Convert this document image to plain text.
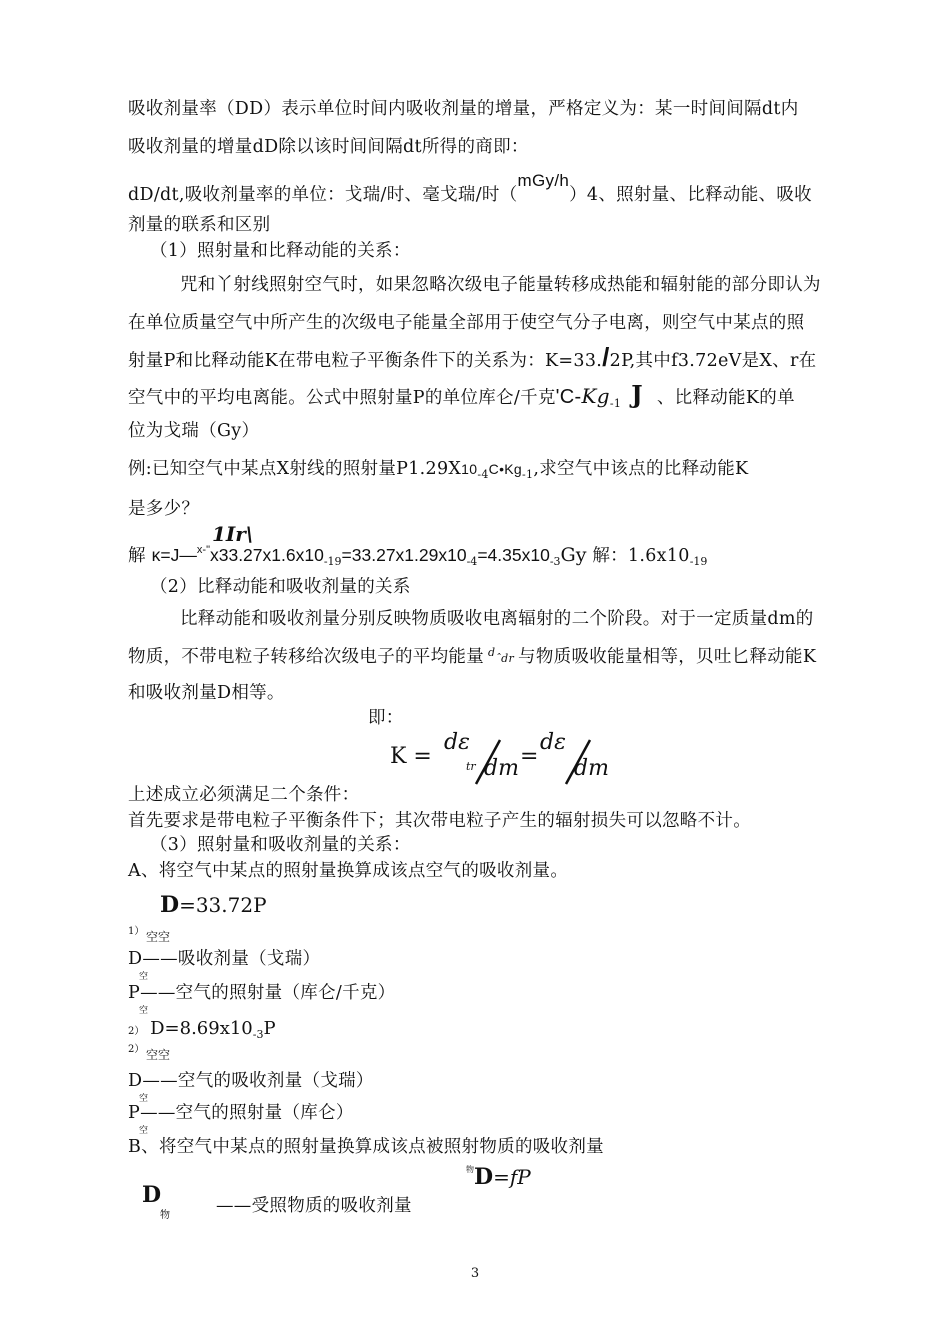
吸收剂量率（DD）表示单位时间内吸收剂量的增量，严格定义为：某一时间间隔dt内
吸收剂量的增量dD除以该时间间隔dt所得的商即：
dD/dt,吸收剂量率的单位：戈瑞/时、毫戈瑞/时（mGy/h）4、照射量、比释动能、吸收
剂量的联系和区别
（1）照射量和比释动能的关系：
咒和丫射线照射空气时，如果忽略次级电子能量转移成热能和辐射能的部分即认为
在单位质量空气中所产生的次级电子能量全部用于使空气分子电离，则空气中某点的照
射量P和比释动能K在带电粒子平衡条件下的关系为：K=33./2P,其中f3.72eV是X、r在
空气中的平均电离能。公式中照射量P的单位库仑/千克'$C-Kg_{-1}$ J 、比释动能K的单
位为戈瑞（Gy）
例:已知空气中某点X射线的照射量$P1.29X10_{-4}C•Kg_{-1}$,求空气中该点的比释动能K
是多少？
1Ir\
解 $\kappa=J—^{x-"}x33.27x1.6x10_{-19}=33.27x1.29x10_{-4}=4.35x10_{-3}Gy$ 解：$1.6x10_{-19}$
（2）比释动能和吸收剂量的关系
比释动能和吸收剂量分别反映物质吸收电离辐射的二个阶段。对于一定质量dm的
物质，不带电粒子转移给次级电子的平均能量 $^d$ˆdr 与物质吸收能量相等，贝吐匕释动能K
和吸收剂量D相等。
即：
K =
dε
tr dm =
dε
dm
上述成立必须满足二个条件：
首先要求是带电粒子平衡条件下；其次带电粒子产生的辐射损失可以忽略不计。
（3）照射量和吸收剂量的关系：
A、将空气中某点的照射量换算成该点空气的吸收剂量。
D=33.72P
1） 空空
D——吸收剂量（戈瑞）
空
P——空气的照射量（库仑/千克）
空
2） $D=8.69x10_{-3}P$
2） 空空
D——空气的吸收剂量（戈瑞）
空
P——空气的照射量（库仑）
空
B、将空气中某点的照射量换算成该点被照射物质的吸收剂量
$^物$D=fP
D
物	——受照物质的吸收剂量
3
